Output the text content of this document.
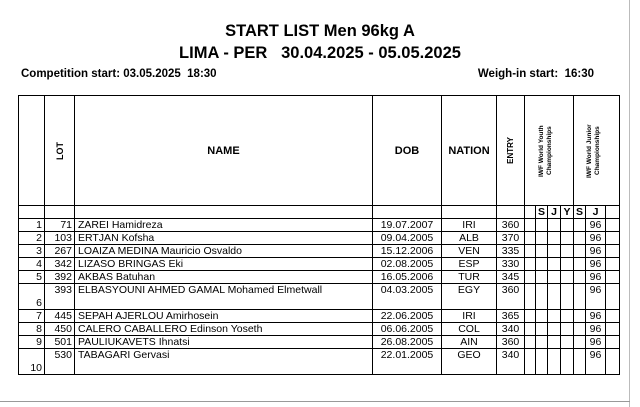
START LIST Men 96kg A
LIMA - PER 30.04.2025 - 05.05.2025
Competition start: 03.05.2025  18:30	Weigh-in start:  16:30

	LOT	NAME	DOB	NATION	ENTRY	IWF World Youth Championships				IWF World Junior Championships		

							S	J	Y	S	J	
1	71	ZAREI Hamidreza	19.07.2007	IRI	360						96	
2	103	ERTJAN Kofsha	09.04.2005	ALB	370						96	
3	267	LOAIZA MEDINA Mauricio Osvaldo	15.12.2006	VEN	335						96	
4	342	LIZASO BRINGAS Eki	02.08.2005	ESP	330						96	
5	392	AKBAS Batuhan	16.05.2006	TUR	345						96	
6	393	ELBASYOUNI AHMED GAMAL Mohamed Elmetwall	04.03.2005	EGY	360						96	
7	445	SEPAH AJERLOU Amirhosein	22.06.2005	IRI	365						96	
8	450	CALERO CABALLERO Edinson Yoseth	06.06.2005	COL	340						96	
9	501	PAULIUKAVETS Ihnatsi	26.08.2005	AIN	360						96	
10	530	TABAGARI Gervasi	22.01.2005	GEO	340						96	
